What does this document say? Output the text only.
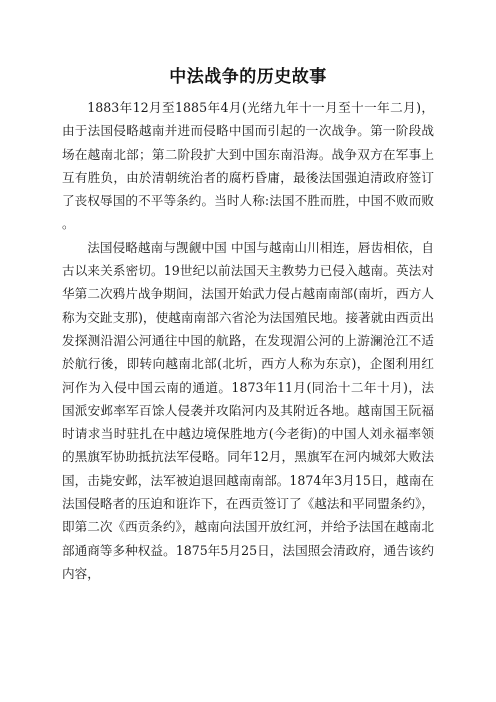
中法战争的历史故事

1883年12月至1885年4月(光绪九年十一月至十一年二月)，由于法国侵略越南并进而侵略中国而引起的一次战争。第一阶段战场在越南北部；第二阶段扩大到中国东南沿海。战争双方在军事上互有胜负，由於清朝统治者的腐朽昏庸，最後法国强迫清政府签订了丧权辱国的不平等条约。当时人称:法国不胜而胜，中国不败而败。

法国侵略越南与觊觎中国 中国与越南山川相连，唇齿相依，自古以来关系密切。19世纪以前法国天主教势力已侵入越南。英法对华第二次鸦片战争期间，法国开始武力侵占越南南部(南圻，西方人称为交趾支那)，使越南南部六省沦为法国殖民地。接著就由西贡出发探测沿湄公河通往中国的航路，在发现湄公河的上游澜沧江不适於航行後，即转向越南北部(北圻，西方人称为东京)，企图利用红河作为入侵中国云南的通道。1873年11月(同治十二年十月)，法国派安邺率军百馀人侵袭并攻陷河内及其附近各地。越南国王阮福时请求当时驻扎在中越边境保胜地方(今老街)的中国人刘永福率领的黑旗军协助抵抗法军侵略。同年12月，黑旗军在河内城郊大败法国，击毙安邺，法军被迫退回越南南部。1874年3月15日，越南在法国侵略者的压迫和诳诈下，在西贡签订了《越法和平同盟条约》，即第二次《西贡条约》，越南向法国开放红河，并给予法国在越南北部通商等多种权益。1875年5月25日，法国照会清政府，通告该约内容，
